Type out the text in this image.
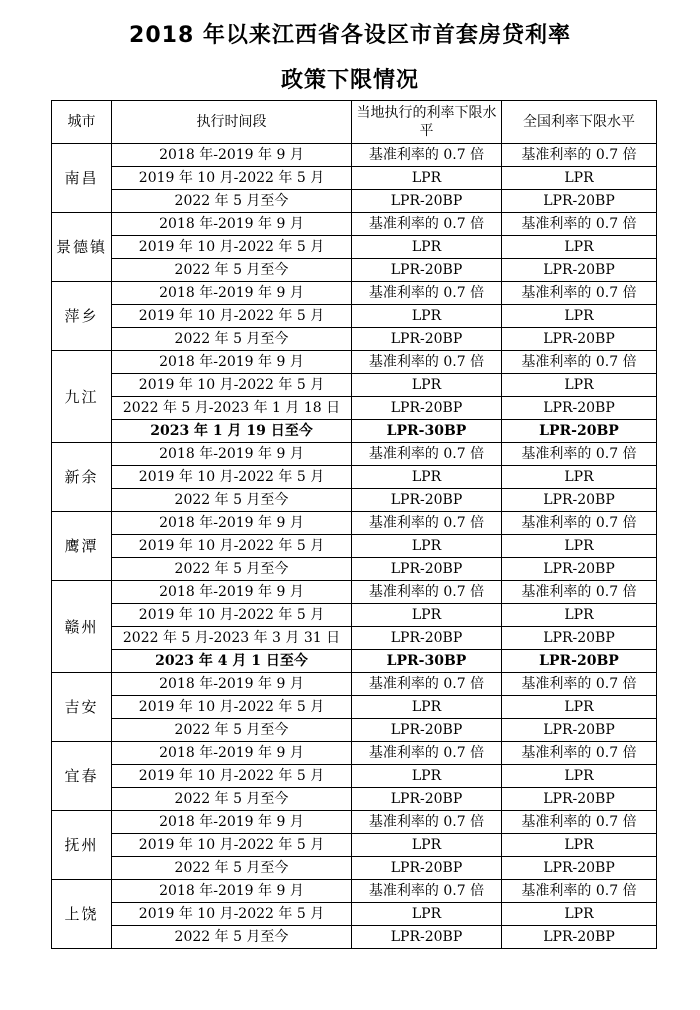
2018 年以来江西省各设区市首套房贷利率
政策下限情况
城市	执行时间段	当地执行的利率下限水平	全国利率下限水平
南昌	2018 年-2019 年 9 月	基准利率的 0.7 倍	基准利率的 0.7 倍
	2019 年 10 月-2022 年 5 月	LPR	LPR
	2022 年 5 月至今	LPR-20BP	LPR-20BP
景德镇	2018 年-2019 年 9 月	基准利率的 0.7 倍	基准利率的 0.7 倍
	2019 年 10 月-2022 年 5 月	LPR	LPR
	2022 年 5 月至今	LPR-20BP	LPR-20BP
萍乡	2018 年-2019 年 9 月	基准利率的 0.7 倍	基准利率的 0.7 倍
	2019 年 10 月-2022 年 5 月	LPR	LPR
	2022 年 5 月至今	LPR-20BP	LPR-20BP
九江	2018 年-2019 年 9 月	基准利率的 0.7 倍	基准利率的 0.7 倍
	2019 年 10 月-2022 年 5 月	LPR	LPR
	2022 年 5 月-2023 年 1 月 18 日	LPR-20BP	LPR-20BP
	2023 年 1 月 19 日至今	LPR-30BP	LPR-20BP
新余	2018 年-2019 年 9 月	基准利率的 0.7 倍	基准利率的 0.7 倍
	2019 年 10 月-2022 年 5 月	LPR	LPR
	2022 年 5 月至今	LPR-20BP	LPR-20BP
鹰潭	2018 年-2019 年 9 月	基准利率的 0.7 倍	基准利率的 0.7 倍
	2019 年 10 月-2022 年 5 月	LPR	LPR
	2022 年 5 月至今	LPR-20BP	LPR-20BP
赣州	2018 年-2019 年 9 月	基准利率的 0.7 倍	基准利率的 0.7 倍
	2019 年 10 月-2022 年 5 月	LPR	LPR
	2022 年 5 月-2023 年 3 月 31 日	LPR-20BP	LPR-20BP
	2023 年 4 月 1 日至今	LPR-30BP	LPR-20BP
吉安	2018 年-2019 年 9 月	基准利率的 0.7 倍	基准利率的 0.7 倍
	2019 年 10 月-2022 年 5 月	LPR	LPR
	2022 年 5 月至今	LPR-20BP	LPR-20BP
宜春	2018 年-2019 年 9 月	基准利率的 0.7 倍	基准利率的 0.7 倍
	2019 年 10 月-2022 年 5 月	LPR	LPR
	2022 年 5 月至今	LPR-20BP	LPR-20BP
抚州	2018 年-2019 年 9 月	基准利率的 0.7 倍	基准利率的 0.7 倍
	2019 年 10 月-2022 年 5 月	LPR	LPR
	2022 年 5 月至今	LPR-20BP	LPR-20BP
上饶	2018 年-2019 年 9 月	基准利率的 0.7 倍	基准利率的 0.7 倍
	2019 年 10 月-2022 年 5 月	LPR	LPR
	2022 年 5 月至今	LPR-20BP	LPR-20BP
